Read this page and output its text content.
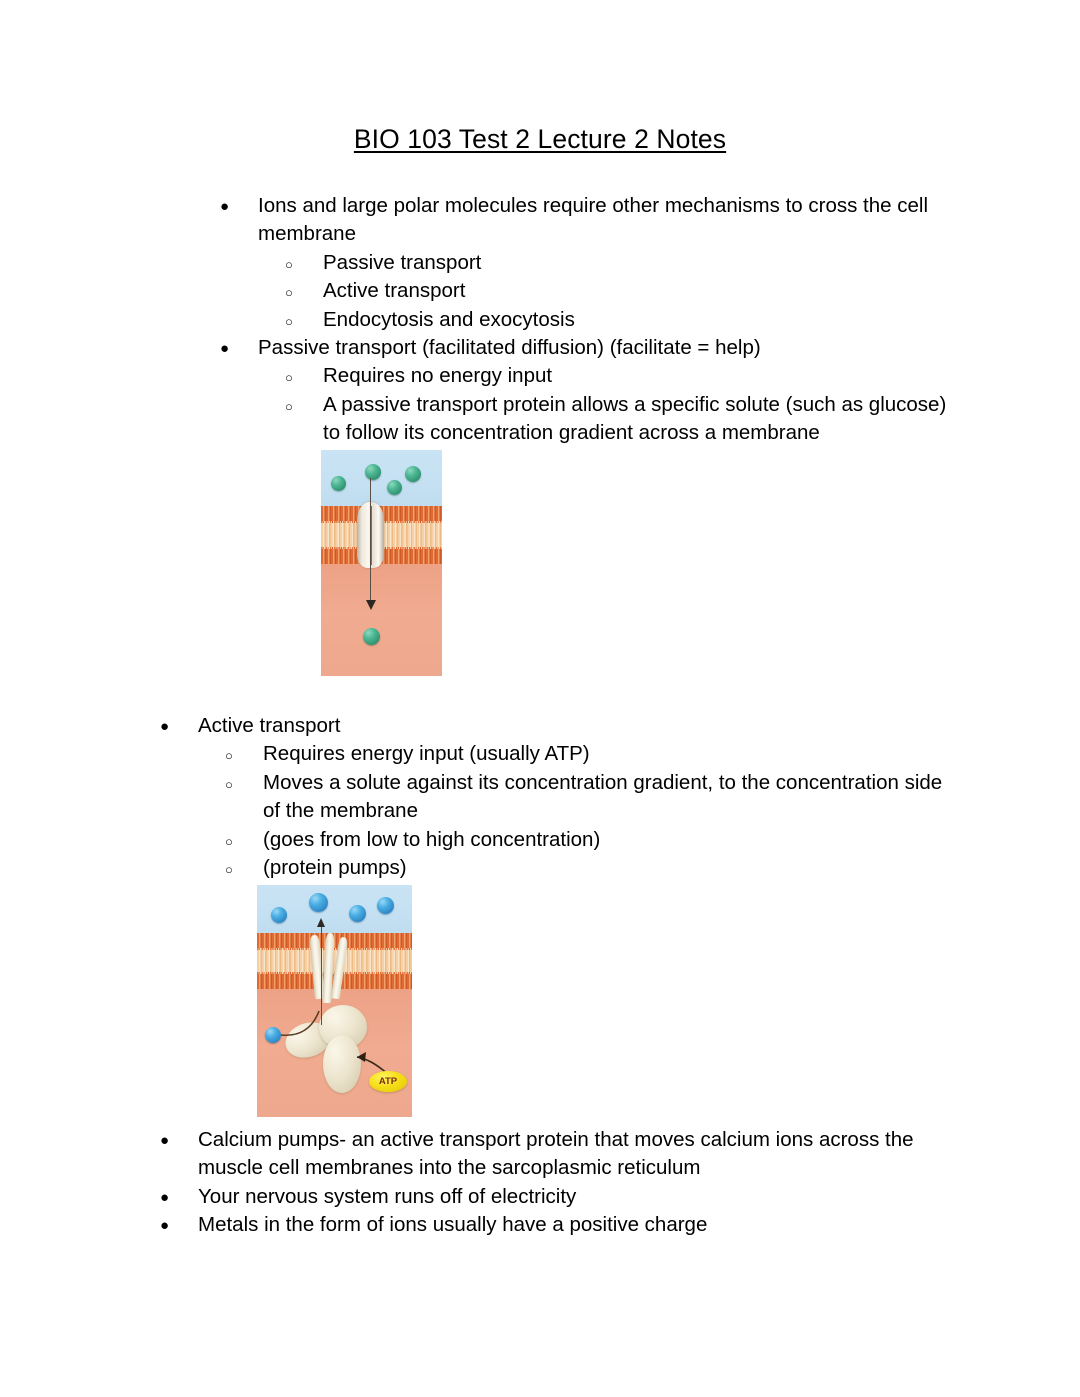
BIO 103 Test 2 Lecture 2 Notes
●	Ions and large polar molecules require other mechanisms to cross the cell membrane
○	Passive transport
○	Active transport
○	Endocytosis and exocytosis
●	Passive transport (facilitated diffusion) (facilitate = help)
○	Requires no energy input
○	A passive transport protein allows a specific solute (such as glucose) to follow its concentration gradient across a membrane
●	Active transport
○	Requires energy input (usually ATP)
○	Moves a solute against its concentration gradient, to the concentration side of the membrane
○	(goes from low to high concentration)
○	(protein pumps)
ATP
●	Calcium pumps- an active transport protein that moves calcium ions across the muscle cell membranes into the sarcoplasmic reticulum
●	Your nervous system runs off of electricity
●	Metals in the form of ions usually have a positive charge
